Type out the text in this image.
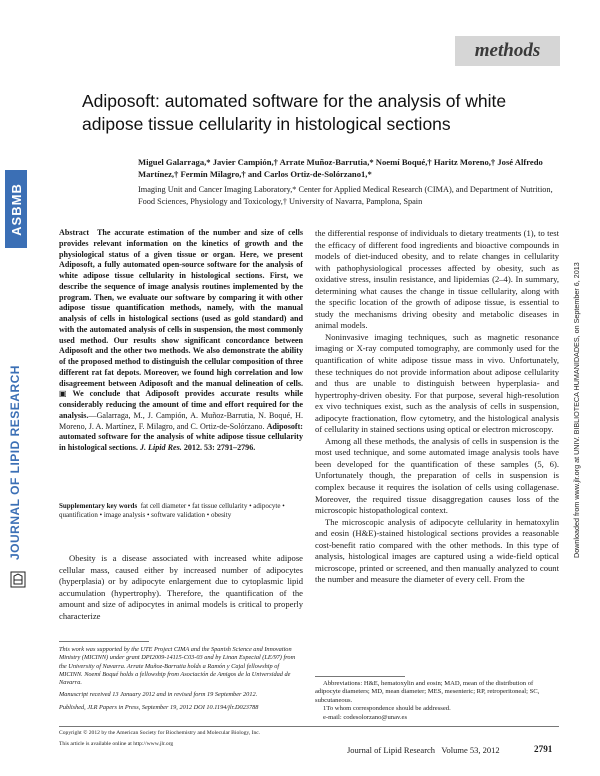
methods
Adiposoft: automated software for the analysis of white adipose tissue cellularity in histological sections
Miguel Galarraga,* Javier Campión,† Arrate Muñoz-Barrutia,* Noemí Boqué,† Haritz Moreno,† José Alfredo Martínez,† Fermín Milagro,† and Carlos Ortiz-de-Solórzano1,*
Imaging Unit and Cancer Imaging Laboratory,* Center for Applied Medical Research (CIMA), and Department of Nutrition, Food Sciences, Physiology and Toxicology,† University of Navarra, Pamplona, Spain
ASBMB
JOURNAL OF LIPID RESEARCH	Downloaded from www.jlr.org at UNIV. BIBLIOTECA HUMANIDADES, on September 6, 2013
Abstract The accurate estimation of the number and size of cells provides relevant information on the kinetics of growth and the physiological status of a given tissue or organ. Here, we present Adiposoft, a fully automated open-source software for the analysis of white adipose tissue cellularity in histological sections. First, we describe the sequence of image analysis routines implemented by the program. Then, we evaluate our software by comparing it with other adipose tissue quantification methods, namely, with the manual analysis of cells in histological sections (used as gold standard) and with the automated analysis of cells in suspension, the most commonly used method. Our results show significant concordance between Adiposoft and the other two methods. We also demonstrate the ability of the proposed method to distinguish the cellular composition of three different rat fat depots. Moreover, we found high correlation and low disagreement between Adiposoft and the manual delineation of cells. ▣ We conclude that Adiposoft provides accurate results while considerably reducing the amount of time and effort required for the analysis.—Galarraga, M., J. Campión, A. Muñoz-Barrutia, N. Boqué, H. Moreno, J. A. Martínez, F. Milagro, and C. Ortiz-de-Solórzano. Adiposoft: automated software for the analysis of white adipose tissue cellularity in histological sections. J. Lipid Res. 2012. 53: 2791–2796.
Supplementary key words fat cell diameter • fat tissue cellularity • adipocyte • quantification • image analysis • software validation • obesity
Obesity is a disease associated with increased white adipose cellular mass, caused either by increased number of adipocytes (hyperplasia) or by adipocyte enlargement due to cytoplasmic lipid accumulation (hypertrophy). Therefore, the quantification of the amount and size of adipocytes in animal models is critical to properly characterize

This work was supported by the UTE Project CIMA and the Spanish Science and Innovation Ministry (MICINN) under grant DPI2009-14115-C03-03 and by Linan Especial (LE/97) from the University of Navarra. Arrate Muñoz-Barrutia holds a Ramón y Cajal fellowship of MICINN. Noemí Boqué holds a fellowship from Asociación de Amigos de la Universidad de Navarra.

Manuscript received 13 January 2012 and in revised form 19 September 2012.

Published, JLR Papers in Press, September 19, 2012 DOI 10.1194/jlr.D023788

the differential response of individuals to dietary treatments (1), to test the efficacy of different food ingredients and bioactive compounds in models of diet-induced obesity, and to relate changes in cellularity with pathophysiological processes affected by obesity, such as oxidative stress, insulin resistance, and lipidemias (2–4). In summary, determining what causes the change in tissue cellularity, along with the specific location of the growth of adipose tissue, is essential to study the mechanisms driving obesity and metabolic diseases in animal models.

Noninvasive imaging techniques, such as magnetic resonance imaging or X-ray computed tomography, are commonly used for the quantification of white adipose tissue mass in vivo. Unfortunately, these techniques do not provide information about adipose cellularity and thus are unable to distinguish between hyperplasia- and hypertrophy-driven obesity. For that purpose, several high-resolution ex vivo techniques exist, such as the analysis of cells in suspension, adipocyte fractionation, flow cytometry, and the histological analysis of cellularity in stained sections using optical or electron microscopy.

Among all these methods, the analysis of cells in suspension is the most used technique, and some automated image analysis tools have been developed for the quantification of these samples (5, 6). Unfortunately though, the preparation of cells in suspension is complex because it requires the isolation of cells using collagenase. Moreover, the required tissue disaggregation causes loss of the microscopic histopathological context.

The microscopic analysis of adipocyte cellularity in hematoxylin and eosin (H&E)-stained histological sections provides a reasonable cost-benefit ratio compared with the other methods. In this type of analysis, histological images are captured using a wide-field optical microscope, printed or screened, and then manually analyzed to count the number and measure the diameter of every cell. From the

Abbreviations: H&E, hematoxylin and eosin; MAD, mean of the distribution of adipocyte diameters; MD, mean diameter; MES, mesenteric; RP, retroperitoneal; SC, subcutaneous.

1To whom correspondence should be addressed.

e-mail: codesolorzano@unav.es

Copyright © 2012 by the American Society for Biochemistry and Molecular Biology, Inc.
This article is available online at http://www.jlr.org
Journal of Lipid Research Volume 53, 2012	2791
